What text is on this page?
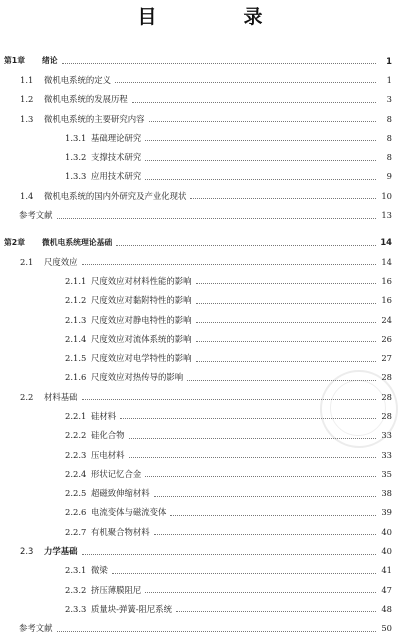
目　录
第1章	绪论	1
1.1	微机电系统的定义	1
1.2	微机电系统的发展历程	3
1.3	微机电系统的主要研究内容	8
1.3.1 基础理论研究	8
1.3.2 支撑技术研究	8
1.3.3 应用技术研究	9
1.4	微机电系统的国内外研究及产业化现状	10
参考文献	13
第2章	微机电系统理论基础	14
2.1	尺度效应	14
2.1.1 尺度效应对材料性能的影响	16
2.1.2 尺度效应对黏附特性的影响	16
2.1.3 尺度效应对静电特性的影响	24
2.1.4 尺度效应对流体系统的影响	26
2.1.5 尺度效应对电学特性的影响	27
2.1.6 尺度效应对热传导的影响	28
2.2	材料基础	28
2.2.1 硅材料	28
2.2.2 硅化合物	33
2.2.3 压电材料	33
2.2.4 形状记忆合金	35
2.2.5 超磁致伸缩材料	38
2.2.6 电流变体与磁流变体	39
2.2.7 有机聚合物材料	40
2.3	力学基础	40
2.3.1 微梁	41
2.3.2 挤压薄膜阻尼	47
2.3.3 质量块-弹簧-阻尼系统	48
参考文献	50
